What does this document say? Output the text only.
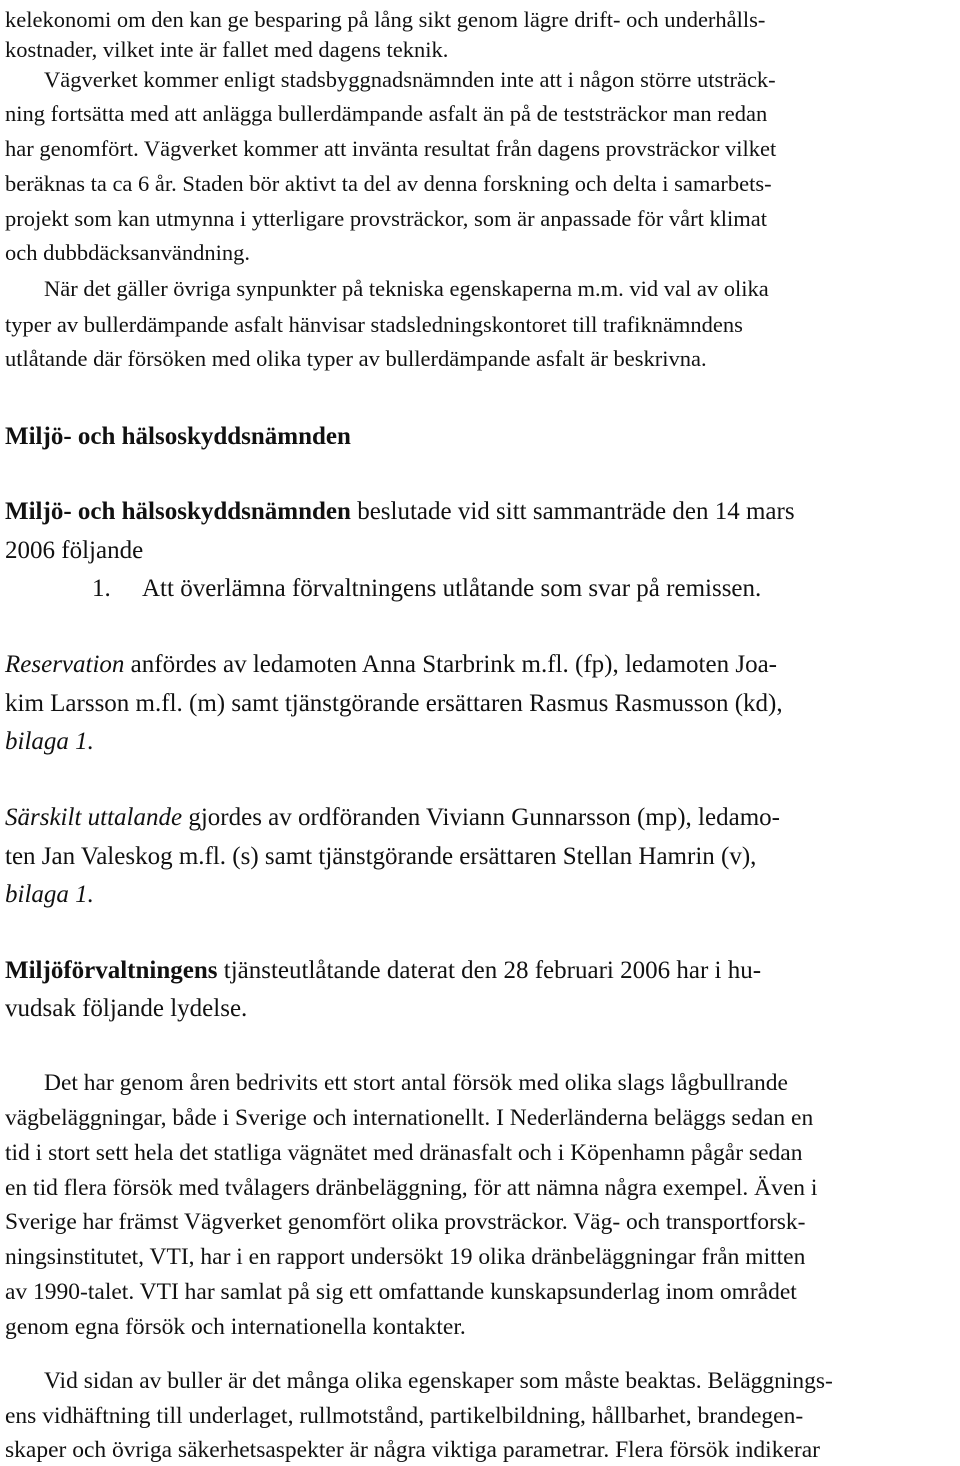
kelekonomi om den kan ge besparing på lång sikt genom lägre drift- och underhålls-
kostnader, vilket inte är fallet med dagens teknik.
Vägverket kommer enligt stadsbyggnadsnämnden inte att i någon större utsträck-
ning fortsätta med att anlägga bullerdämpande asfalt än på de teststräckor man redan
har genomfört. Vägverket kommer att invänta resultat från dagens provsträckor vilket
beräknas ta ca 6 år. Staden bör aktivt ta del av denna forskning och delta i samarbets-
projekt som kan utmynna i ytterligare provsträckor, som är anpassade för vårt klimat
och dubbdäcksanvändning.
När det gäller övriga synpunkter på tekniska egenskaperna m.m. vid val av olika
typer av bullerdämpande asfalt hänvisar stadsledningskontoret till trafiknämndens
utlåtande där försöken med olika typer av bullerdämpande asfalt är beskrivna.
Miljö- och hälsoskyddsnämnden
Miljö- och hälsoskyddsnämnden beslutade vid sitt sammanträde den 14 mars
2006 följande
1. Att överlämna förvaltningens utlåtande som svar på remissen.
Reservation anfördes av ledamoten Anna Starbrink m.fl. (fp), ledamoten Joa-
kim Larsson m.fl. (m) samt tjänstgörande ersättaren Rasmus Rasmusson (kd),
bilaga 1.
Särskilt uttalande gjordes av ordföranden Viviann Gunnarsson (mp), ledamo-
ten Jan Valeskog m.fl. (s) samt tjänstgörande ersättaren Stellan Hamrin (v),
bilaga 1.
Miljöförvaltningens tjänsteutlåtande daterat den 28 februari 2006 har i hu-
vudsak följande lydelse.
Det har genom åren bedrivits ett stort antal försök med olika slags lågbullrande
vägbeläggningar, både i Sverige och internationellt. I Nederländerna beläggs sedan en
tid i stort sett hela det statliga vägnätet med dränasfalt och i Köpenhamn pågår sedan
en tid flera försök med tvålagers dränbeläggning, för att nämna några exempel. Även i
Sverige har främst Vägverket genomfört olika provsträckor. Väg- och transportforsk-
ningsinstitutet, VTI, har i en rapport undersökt 19 olika dränbeläggningar från mitten
av 1990-talet. VTI har samlat på sig ett omfattande kunskapsunderlag inom området
genom egna försök och internationella kontakter.
Vid sidan av buller är det många olika egenskaper som måste beaktas. Beläggnings-
ens vidhäftning till underlaget, rullmotstånd, partikelbildning, hållbarhet, brandegen-
skaper och övriga säkerhetsaspekter är några viktiga parametrar. Flera försök indikerar
